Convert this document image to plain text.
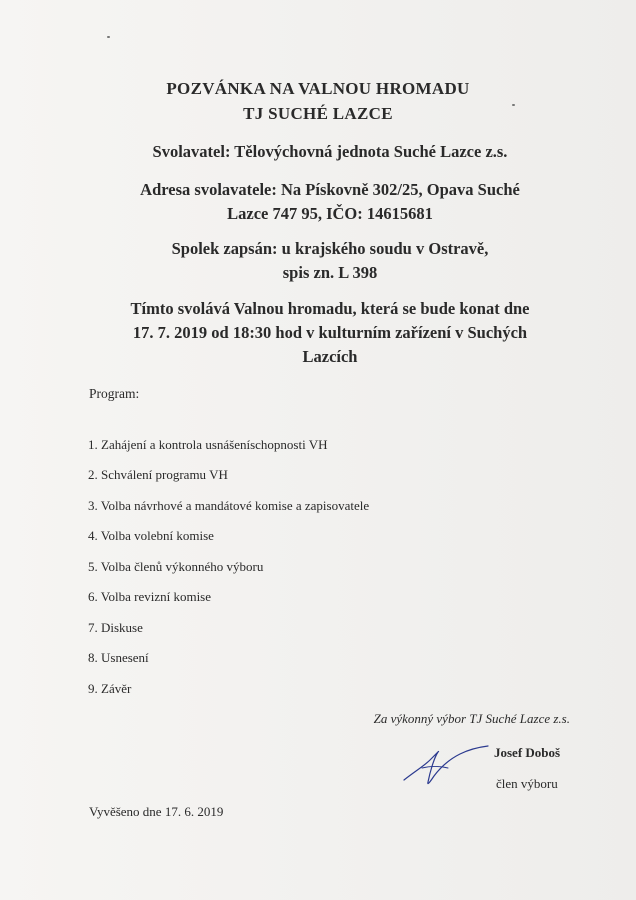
POZVÁNKA NA VALNOU HROMADU
TJ SUCHÉ LAZCE
Svolavatel: Tělovýchovná jednota Suché Lazce z.s.
Adresa svolavatele: Na Pískovně 302/25, Opava Suché
Lazce 747 95, IČO: 14615681
Spolek zapsán: u krajského soudu v Ostravě,
spis zn. L 398
Tímto svolává Valnou hromadu, která se bude konat dne
17. 7. 2019 od 18:30 hod v kulturním zařízení v Suchých
Lazcích
Program:
1. Zahájení a kontrola usnášeníschopnosti VH
2. Schválení programu VH
3. Volba návrhové a mandátové komise a zapisovatele
4. Volba volební komise
5. Volba členů výkonného výboru
6. Volba revizní komise
7. Diskuse
8. Usnesení
9. Závěr
Za výkonný výbor TJ Suché Lazce z.s.
Josef Doboš
člen výboru
Vyvěšeno dne 17. 6. 2019
